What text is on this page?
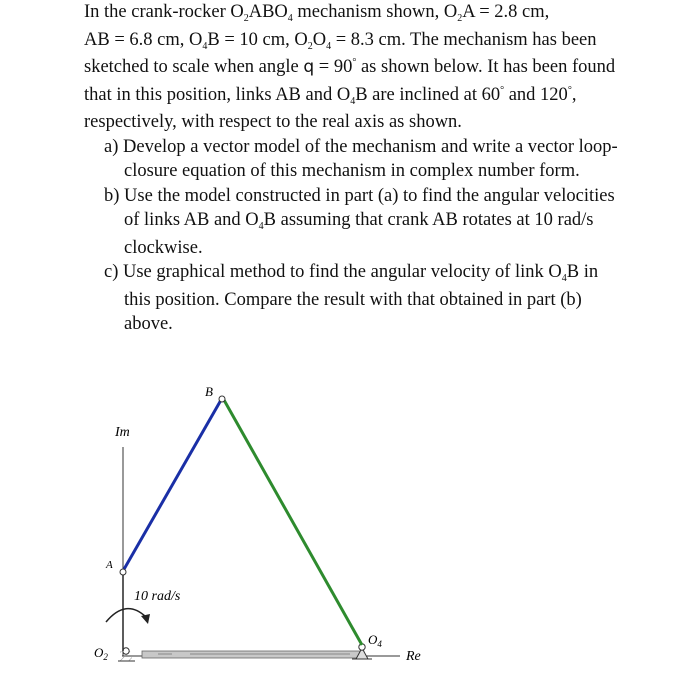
In the crank-rocker $O_2ABO_4$ mechanism shown, $O_2A = 2.8$ cm,
AB = 6.8 cm, $O_4B = 10$ cm, $O_2O_4 = 8.3$ cm. The mechanism has been sketched to scale when angle q = 90° as shown below. It has been found that in this position, links AB and $O_4B$ are inclined at 60° and 120°, respectively, with respect to the real axis as shown.

a) Develop a vector model of the mechanism and write a vector loop-closure equation of this mechanism in complex number form.
b) Use the model constructed in part (a) to find the angular velocities of links AB and $O_4B$ assuming that crank AB rotates at 10 rad/s clockwise.
c) Use graphical method to find the angular velocity of link $O_4B$ in this position. Compare the result with that obtained in part (b) above.
B
Im
A
10 rad/s
$O_2$
$O_4$
Re
